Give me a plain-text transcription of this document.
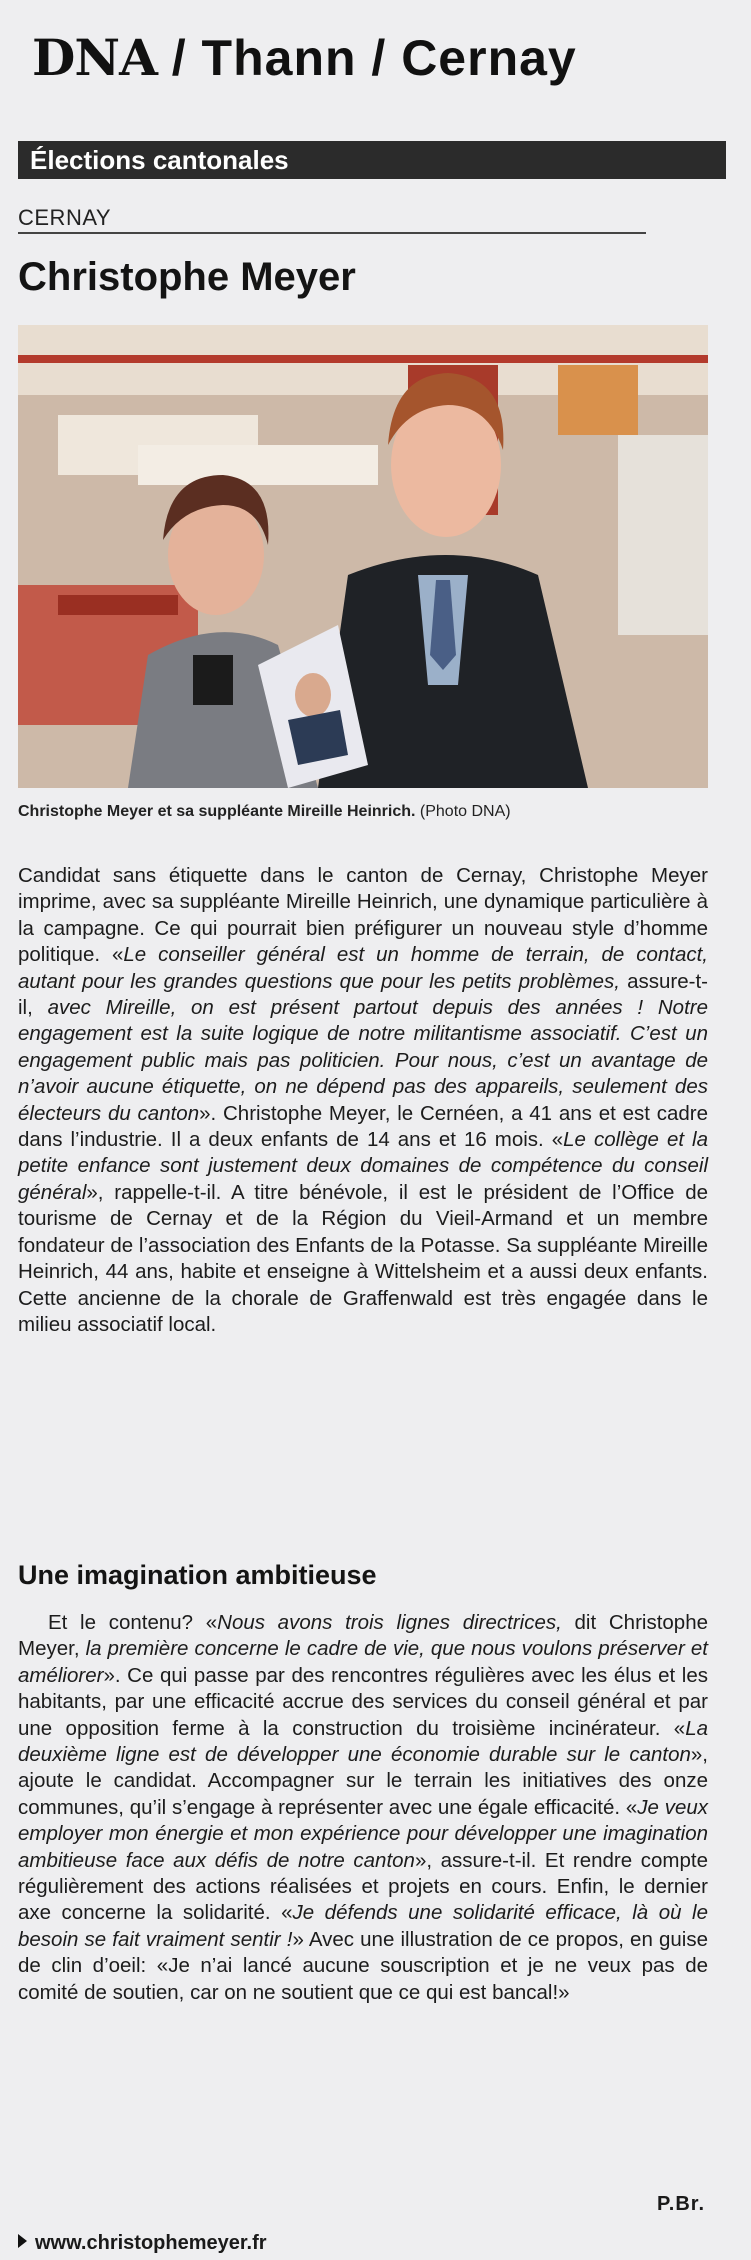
DNA / Thann / Cernay
Élections cantonales
CERNAY
Christophe Meyer
Christophe Meyer et sa suppléante Mireille Heinrich. (Photo DNA)

Candidat sans étiquette dans le canton de Cernay, Christophe Meyer imprime, avec sa suppléante Mireille Heinrich, une dynamique particulière à la campagne. Ce qui pourrait bien préfigurer un nouveau style d’homme politique. «Le conseiller général est un homme de terrain, de contact, autant pour les grandes questions que pour les petits problèmes, assure-t-il, avec Mireille, on est présent partout depuis des années ! Notre engagement est la suite logique de notre militantisme associatif. C’est un engagement public mais pas politicien. Pour nous, c’est un avantage de n’avoir aucune étiquette, on ne dépend pas des appareils, seulement des électeurs du canton». Christophe Meyer, le Cernéen, a 41 ans et est cadre dans l’industrie. Il a deux enfants de 14 ans et 16 mois. «Le collège et la petite enfance sont justement deux domaines de compétence du conseil général», rappelle-t-il. A titre bénévole, il est le président de l’Office de tourisme de Cernay et de la Région du Vieil-Armand et un membre fondateur de l’association des Enfants de la Potasse. Sa suppléante Mireille Heinrich, 44 ans, habite et enseigne à Wittelsheim et a aussi deux enfants. Cette ancienne de la chorale de Graffenwald est très engagée dans le milieu associatif local.

Une imagination ambitieuse

Et le contenu? «Nous avons trois lignes directrices, dit Christophe Meyer, la première concerne le cadre de vie, que nous voulons préserver et améliorer». Ce qui passe par des rencontres régulières avec les élus et les habitants, par une efficacité accrue des services du conseil général et par une opposition ferme à la construction du troisième incinérateur. «La deuxième ligne est de développer une économie durable sur le canton», ajoute le candidat. Accompagner sur le terrain les initiatives des onze communes, qu’il s’engage à représenter avec une égale efficacité. «Je veux employer mon énergie et mon expérience pour développer une imagination ambitieuse face aux défis de notre canton», assure-t-il. Et rendre compte régulièrement des actions réalisées et projets en cours. Enfin, le dernier axe concerne la solidarité. «Je défends une solidarité efficace, là où le besoin se fait vraiment sentir !» Avec une illustration de ce propos, en guise de clin d’oeil: «Je n’ai lancé aucune souscription et je ne veux pas de comité de soutien, car on ne soutient que ce qui est bancal!»

P.Br.
www.christophemeyer.fr
